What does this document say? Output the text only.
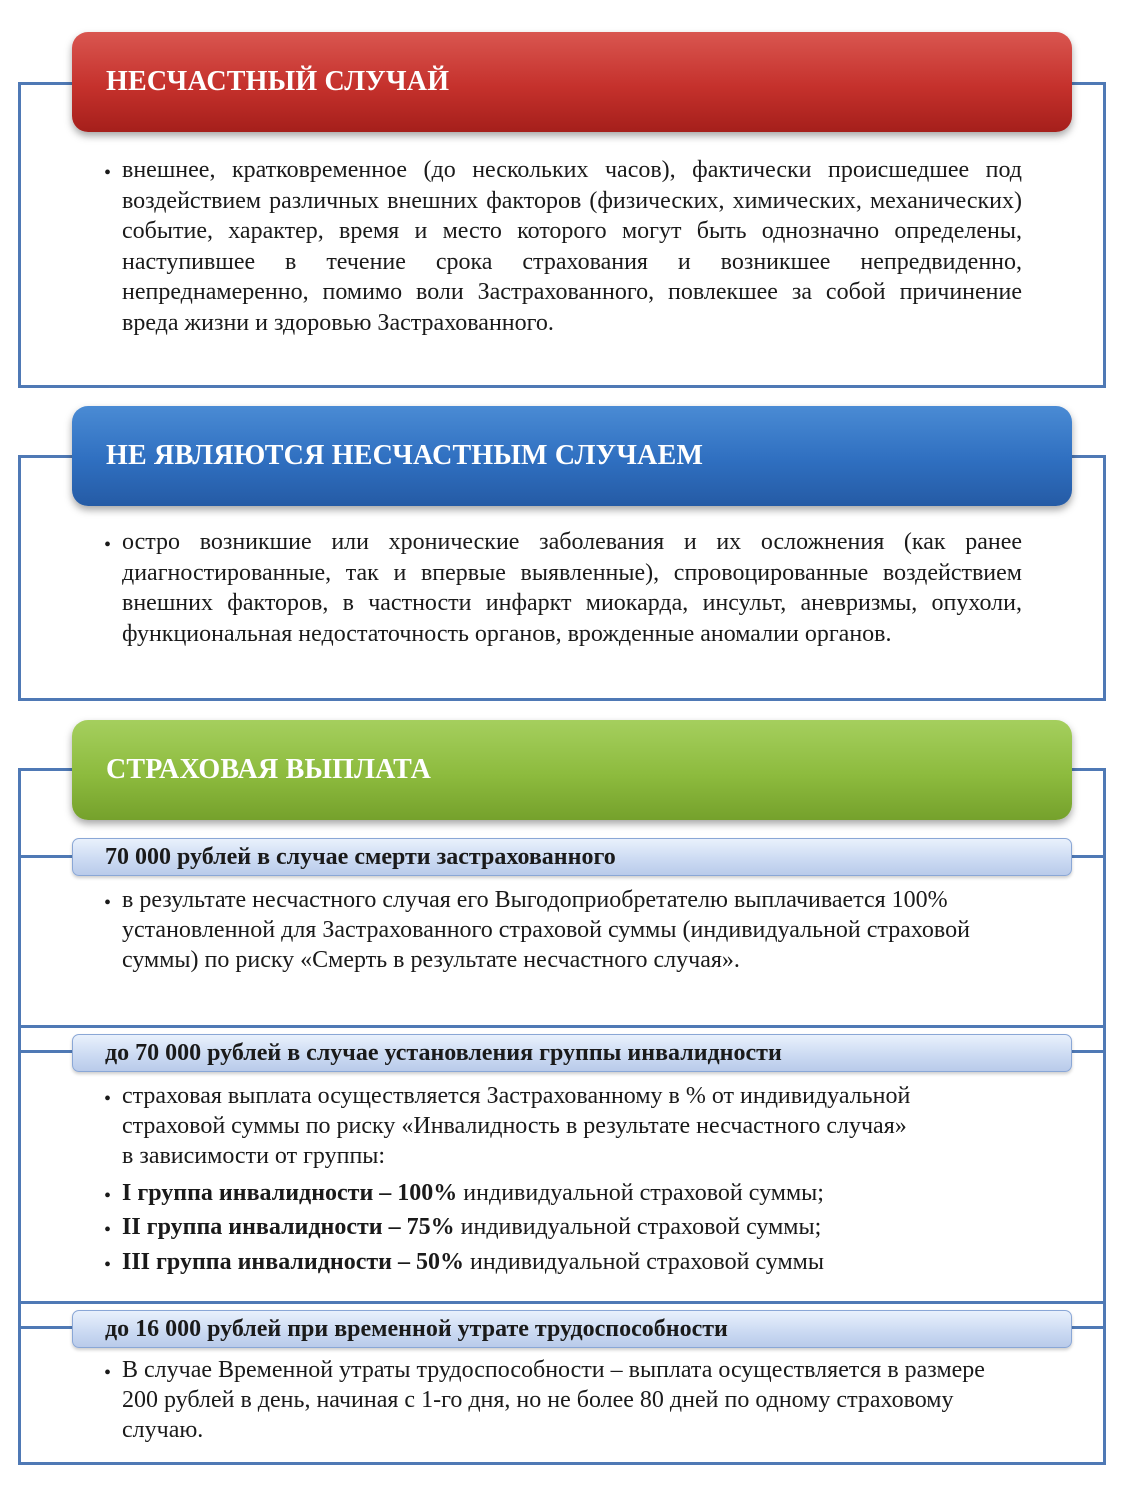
НЕСЧАСТНЫЙ СЛУЧАЙ
• внешнее, кратковременное (до нескольких часов), фактически происшедшее под воздействием различных внешних факторов (физических, химических, механических) событие, характер, время и место которого могут быть однозначно определены, наступившее в течение срока страхования и возникшее непредвиденно, непреднамеренно, помимо воли Застрахованного, повлекшее за собой причинение вреда жизни и здоровью Застрахованного.
НЕ ЯВЛЯЮТСЯ НЕСЧАСТНЫМ СЛУЧАЕМ
• остро возникшие или хронические заболевания и их осложнения (как ранее диагностированные, так и впервые выявленные), спровоцированные воздействием внешних факторов, в частности инфаркт миокарда, инсульт, аневризмы, опухоли, функциональная недостаточность органов, врожденные аномалии органов.
СТРАХОВАЯ ВЫПЛАТА
70 000 рублей в случае смерти застрахованного
• в результате несчастного случая его Выгодоприобретателю выплачивается 100% установленной для Застрахованного страховой суммы (индивидуальной страховой суммы) по риску «Смерть в результате несчастного случая».
до 70 000 рублей в случае установления группы инвалидности
• страховая выплата осуществляется Застрахованному в % от индивидуальной страховой суммы по риску «Инвалидность в результате несчастного случая» в зависимости от группы:
• I группа инвалидности – 100% индивидуальной страховой суммы;
• II группа инвалидности – 75% индивидуальной страховой суммы;
• III группа инвалидности – 50% индивидуальной страховой суммы
до 16 000 рублей при временной утрате трудоспособности
• В случае Временной утраты трудоспособности – выплата осуществляется в размере 200 рублей в день, начиная с 1-го дня, но не более 80 дней по одному страховому случаю.
